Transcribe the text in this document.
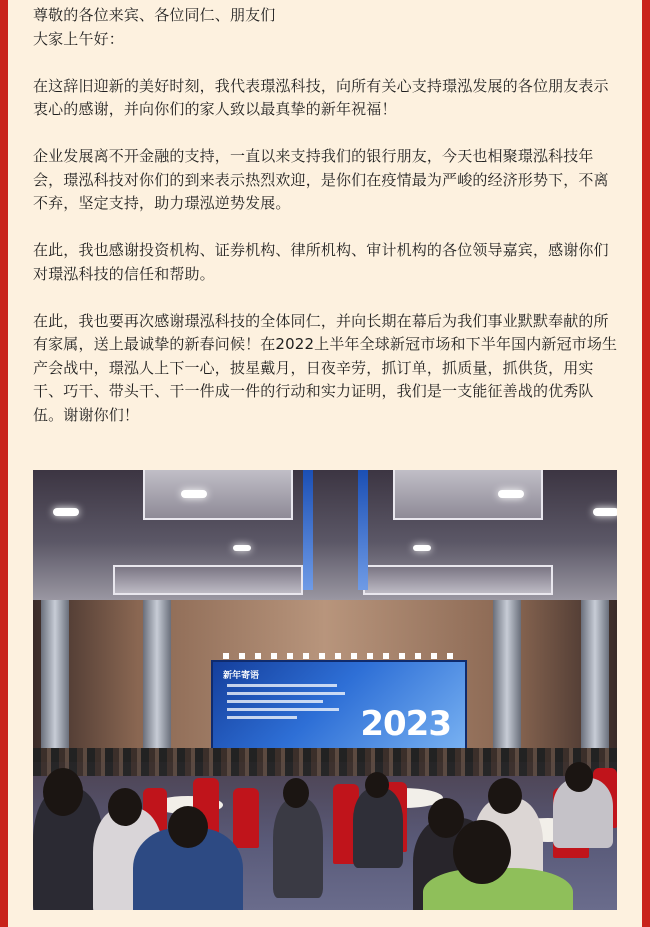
尊敬的各位来宾、各位同仁、朋友们

大家上午好：

在这辞旧迎新的美好时刻，我代表璟泓科技，向所有关心支持璟泓发展的各位朋友表示衷心的感谢，并向你们的家人致以最真挚的新年祝福！

企业发展离不开金融的支持，一直以来支持我们的银行朋友，今天也相聚璟泓科技年会，璟泓科技对你们的到来表示热烈欢迎，是你们在疫情最为严峻的经济形势下，不离不弃，坚定支持，助力璟泓逆势发展。

在此，我也感谢投资机构、证券机构、律所机构、审计机构的各位领导嘉宾，感谢你们对璟泓科技的信任和帮助。

在此，我也要再次感谢璟泓科技的全体同仁，并向长期在幕后为我们事业默默奉献的所有家属，送上最诚挚的新春问候！在2022上半年全球新冠市场和下半年国内新冠市场生产会战中，璟泓人上下一心，披星戴月，日夜辛劳，抓订单，抓质量，抓供货，用实干、巧干、带头干、干一件成一件的行动和实力证明，我们是一支能征善战的优秀队伍。谢谢你们！

新年寄语
2023
